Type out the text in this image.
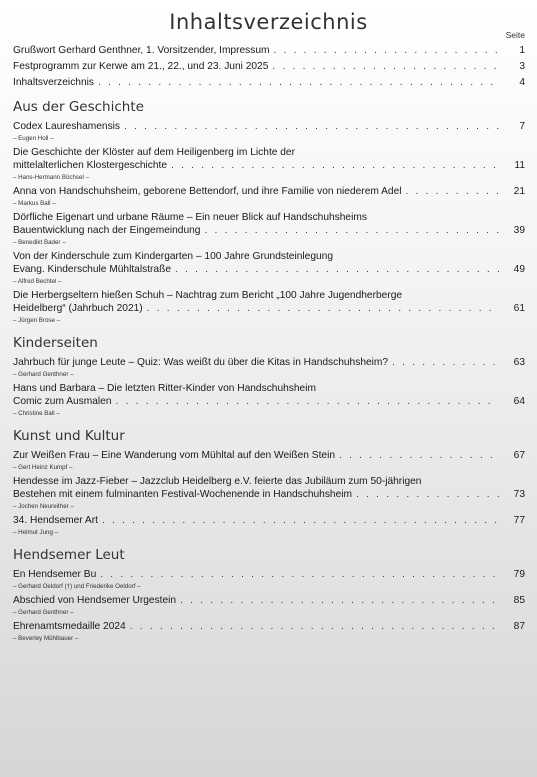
Inhaltsverzeichnis
Seite
Grußwort Gerhard Genthner, 1. Vorsitzender, Impressum . . .	1
Festprogramm zur Kerwe am 21., 22., und 23. Juni 2025 . . .	3
Inhaltsverzeichnis . . .	4
Aus der Geschichte
Codex Laureshamensis . . .	7
– Eugen Holl –
Die Geschichte der Klöster auf dem Heiligenberg im Lichte der
mittelalterlichen Klostergeschichte . . .	11
– Hans-Hermann Büchsel –
Anna von Handschuhsheim, geborene Bettendorf, und ihre Familie von niederem Adel . . .	21
– Markus Ball –
Dörfliche Eigenart und urbane Räume – Ein neuer Blick auf Handschuhsheims
Bauentwicklung nach der Eingemeindung . . .	39
– Benedikt Bader –
Von der Kinderschule zum Kindergarten – 100 Jahre Grundsteinlegung
Evang. Kinderschule Mühltalstraße . . .	49
– Alfred Bechtel –
Die Herbergseltern hießen Schuh – Nachtrag zum Bericht „100 Jahre Jugendherberge
Heidelberg“ (Jahrbuch 2021) . . .	61
– Jürgen Brose –
Kinderseiten
Jahrbuch für junge Leute – Quiz: Was weißt du über die Kitas in Handschuhsheim? . . .	63
– Gerhard Genthner –
Hans und Barbara – Die letzten Ritter-Kinder von Handschuhsheim
Comic zum Ausmalen . . .	64
– Christine Ball –
Kunst und Kultur
Zur Weißen Frau – Eine Wanderung vom Mühltal auf den Weißen Stein . . .	67
– Gert Heinz Kumpf –
Hendesse im Jazz-Fieber – Jazzclub Heidelberg e.V. feierte das Jubiläum zum 50-jährigen
Bestehen mit einem fulminanten Festival-Wochenende in Handschuhsheim . . .	73
– Jochen Neureither –
34. Hendsemer Art . . .	77
– Helmut Jung –
Hendsemer Leut
En Hendsemer Bu . . .	79
– Gerhard Oeldorf (†) und Friederike Oeldorf –
Abschied von Hendsemer Urgestein . . .	85
– Gerhard Genthner –
Ehrenamtsmedaille 2024 . . .	87
– Beverley Mühlbauer –
